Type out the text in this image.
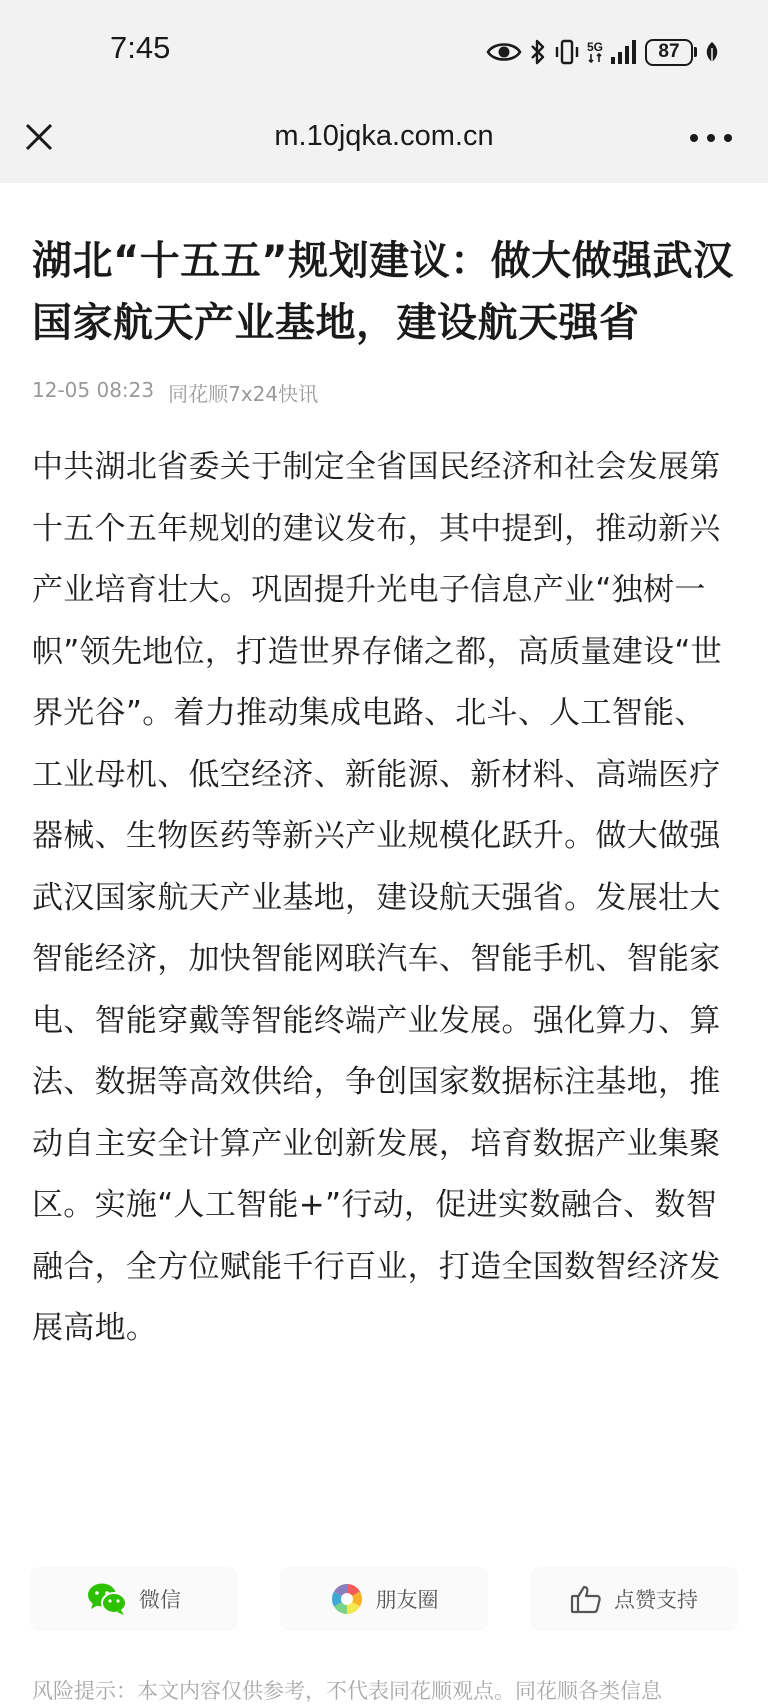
7:45	5G	87
m.10jqka.com.cn
湖北“十五五”规划建议：做大做强武汉国家航天产业基地，建设航天强省
12-05 08:23 同花顺7x24快讯

中共湖北省委关于制定全省国民经济和社会发展第十五个五年规划的建议发布，其中提到，推动新兴产业培育壮大。巩固提升光电子信息产业“独树一帜”领先地位，打造世界存储之都，高质量建设“世界光谷”。着力推动集成电路、北斗、人工智能、工业母机、低空经济、新能源、新材料、高端医疗器械、生物医药等新兴产业规模化跃升。做大做强武汉国家航天产业基地，建设航天强省。发展壮大智能经济，加快智能网联汽车、智能手机、智能家电、智能穿戴等智能终端产业发展。强化算力、算法、数据等高效供给，争创国家数据标注基地，推动自主安全计算产业创新发展，培育数据产业集聚区。实施“人工智能+”行动，促进实数融合、数智融合，全方位赋能千行百业，打造全国数智经济发展高地。

微信	朋友圈	点赞支持
风险提示：本文内容仅供参考，不代表同花顺观点。同花顺各类信息
